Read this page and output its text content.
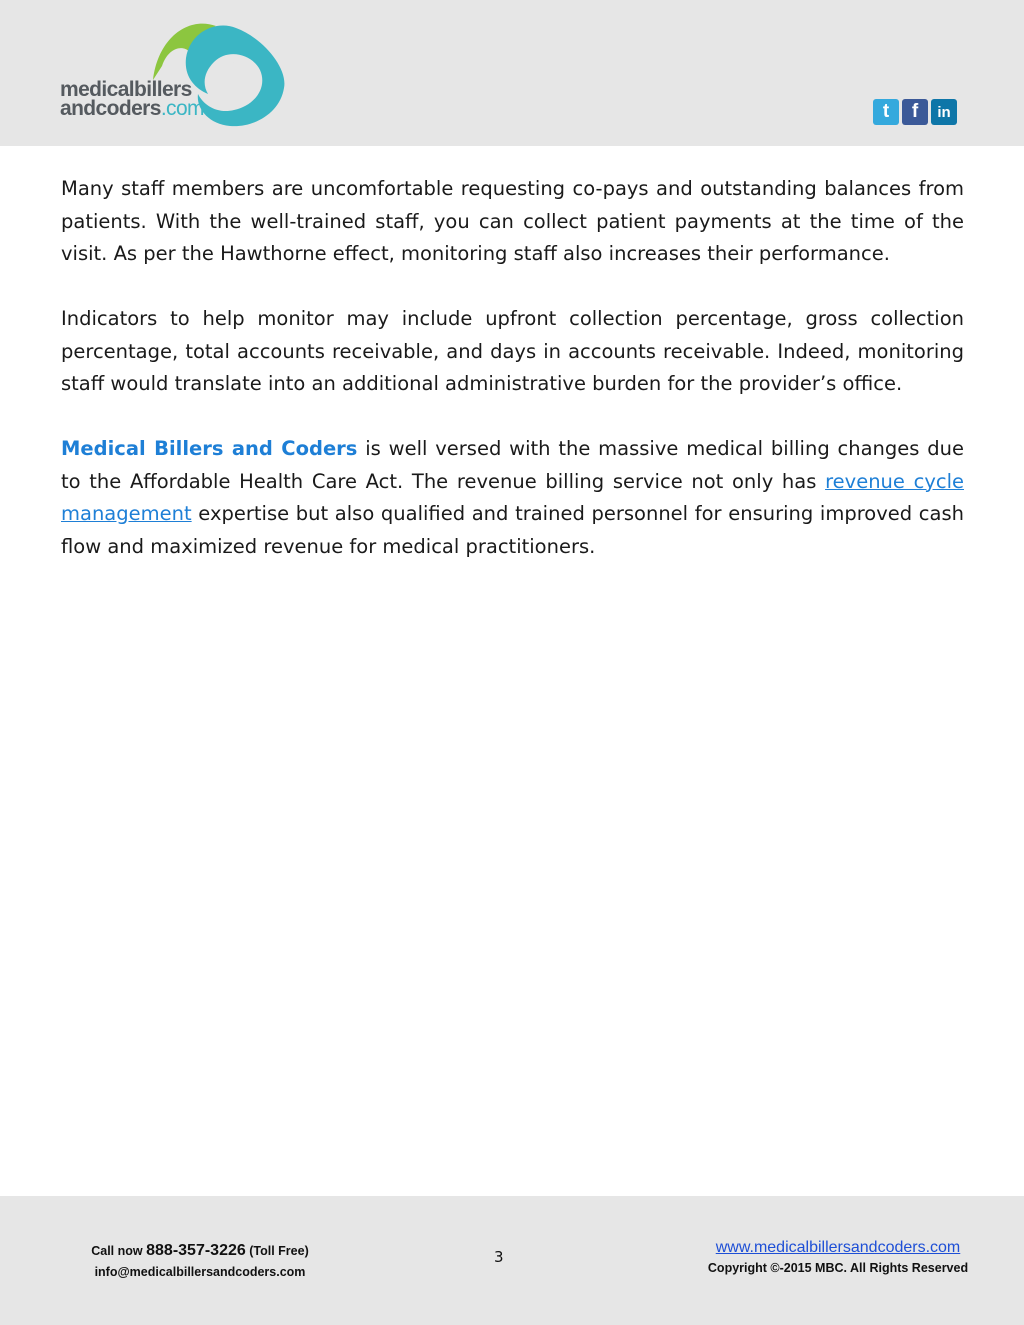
medicalbillers
andcoders.com	t	f	in

Many staff members are uncomfortable requesting co-pays and outstanding balances from patients. With the well-trained staff, you can collect patient payments at the time of the visit. As per the Hawthorne effect, monitoring staff also increases their performance.

Indicators to help monitor may include upfront collection percentage, gross collection percentage, total accounts receivable, and days in accounts receivable. Indeed, monitoring staff would translate into an additional administrative burden for the provider’s office.

Medical Billers and Coders is well versed with the massive medical billing changes due to the Affordable Health Care Act. The revenue billing service not only has revenue cycle management expertise but also qualified and trained personnel for ensuring improved cash flow and maximized revenue for medical practitioners.

Call now 888-357-3226 (Toll Free)
info@medicalbillersandcoders.com
3
www.medicalbillersandcoders.com
Copyright ©-2015 MBC. All Rights Reserved
